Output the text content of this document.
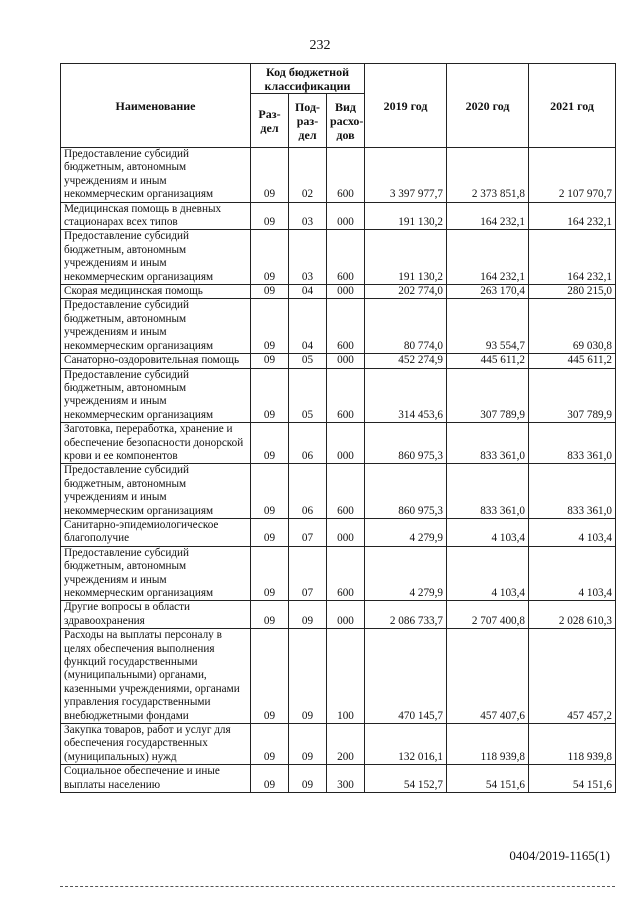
232
Наименование	Код бюджетной классификации			2019 год	2020 год	2021 год
	Раз- дел	Под- раз- дел	Вид расхо- дов			
Предоставление субсидий бюджетным, автономным учреждениям и иным некоммерческим организациям	09	02	600	3 397 977,7	2 373 851,8	2 107 970,7
Медицинская помощь в дневных стационарах всех типов	09	03	000	191 130,2	164 232,1	164 232,1
Предоставление субсидий бюджетным, автономным учреждениям и иным некоммерческим организациям	09	03	600	191 130,2	164 232,1	164 232,1
Скорая медицинская помощь	09	04	000	202 774,0	263 170,4	280 215,0
Предоставление субсидий бюджетным, автономным учреждениям и иным некоммерческим организациям	09	04	600	80 774,0	93 554,7	69 030,8
Санаторно-оздоровительная помощь	09	05	000	452 274,9	445 611,2	445 611,2
Предоставление субсидий бюджетным, автономным учреждениям и иным некоммерческим организациям	09	05	600	314 453,6	307 789,9	307 789,9
Заготовка, переработка, хранение и обеспечение безопасности донорской крови и ее компонентов	09	06	000	860 975,3	833 361,0	833 361,0
Предоставление субсидий бюджетным, автономным учреждениям и иным некоммерческим организациям	09	06	600	860 975,3	833 361,0	833 361,0
Санитарно-эпидемиологическое благополучие	09	07	000	4 279,9	4 103,4	4 103,4
Предоставление субсидий бюджетным, автономным учреждениям и иным некоммерческим организациям	09	07	600	4 279,9	4 103,4	4 103,4
Другие вопросы в области здравоохранения	09	09	000	2 086 733,7	2 707 400,8	2 028 610,3
Расходы на выплаты персоналу в целях обеспечения выполнения функций государственными (муниципальными) органами, казенными учреждениями, органами управления государственными внебюджетными фондами	09	09	100	470 145,7	457 407,6	457 457,2
Закупка товаров, работ и услуг для обеспечения государственных (муниципальных) нужд	09	09	200	132 016,1	118 939,8	118 939,8
Социальное обеспечение и иные выплаты населению	09	09	300	54 152,7	54 151,6	54 151,6
0404/2019-1165(1)
